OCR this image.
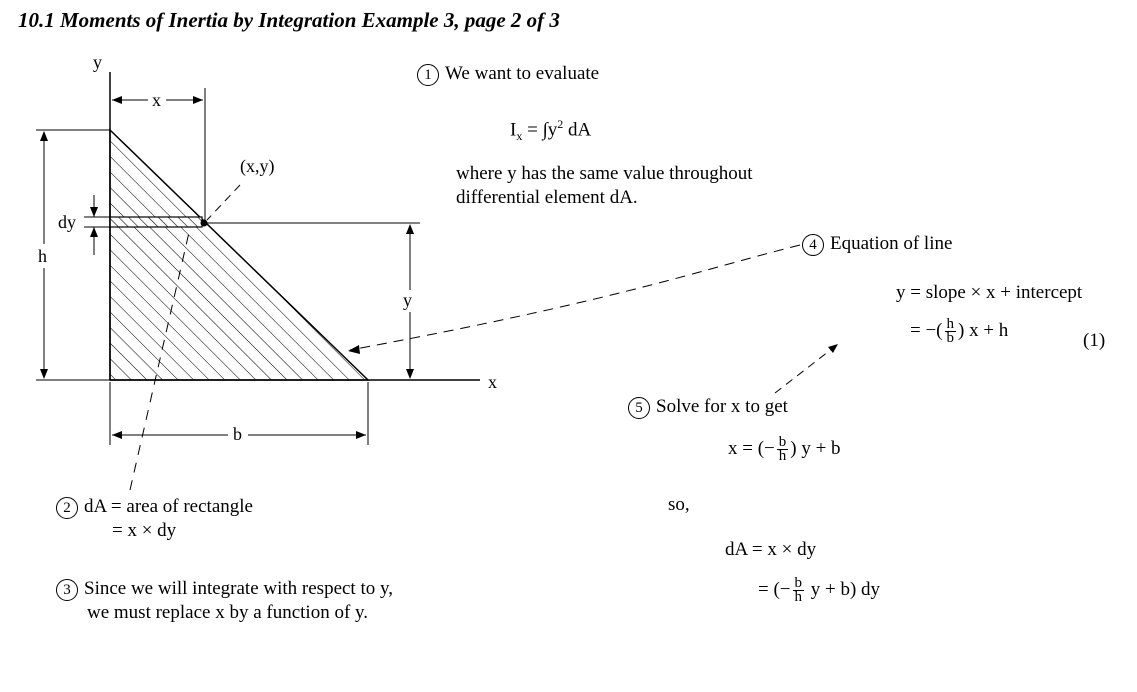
10.1 Moments of Inertia by Integration Example 3, page 2 of 3
y
x
x
b
h
dy
y
(x,y)
1 We want to evaluate
$I_x = \int y^2$ dA
where y has the same value throughout
differential element dA.
4 Equation of line
y = slope × x + intercept
= −( $\frac{h}{b}$ ) x + h	(1)
5 Solve for x to get
x = (− $\frac{b}{h}$ ) y + b
so,
dA = x × dy
= (− $\frac{b}{h}$ y + b) dy
2 dA = area of rectangle
= x × dy
3 Since we will integrate with respect to y,
we must replace x by a function of y.
